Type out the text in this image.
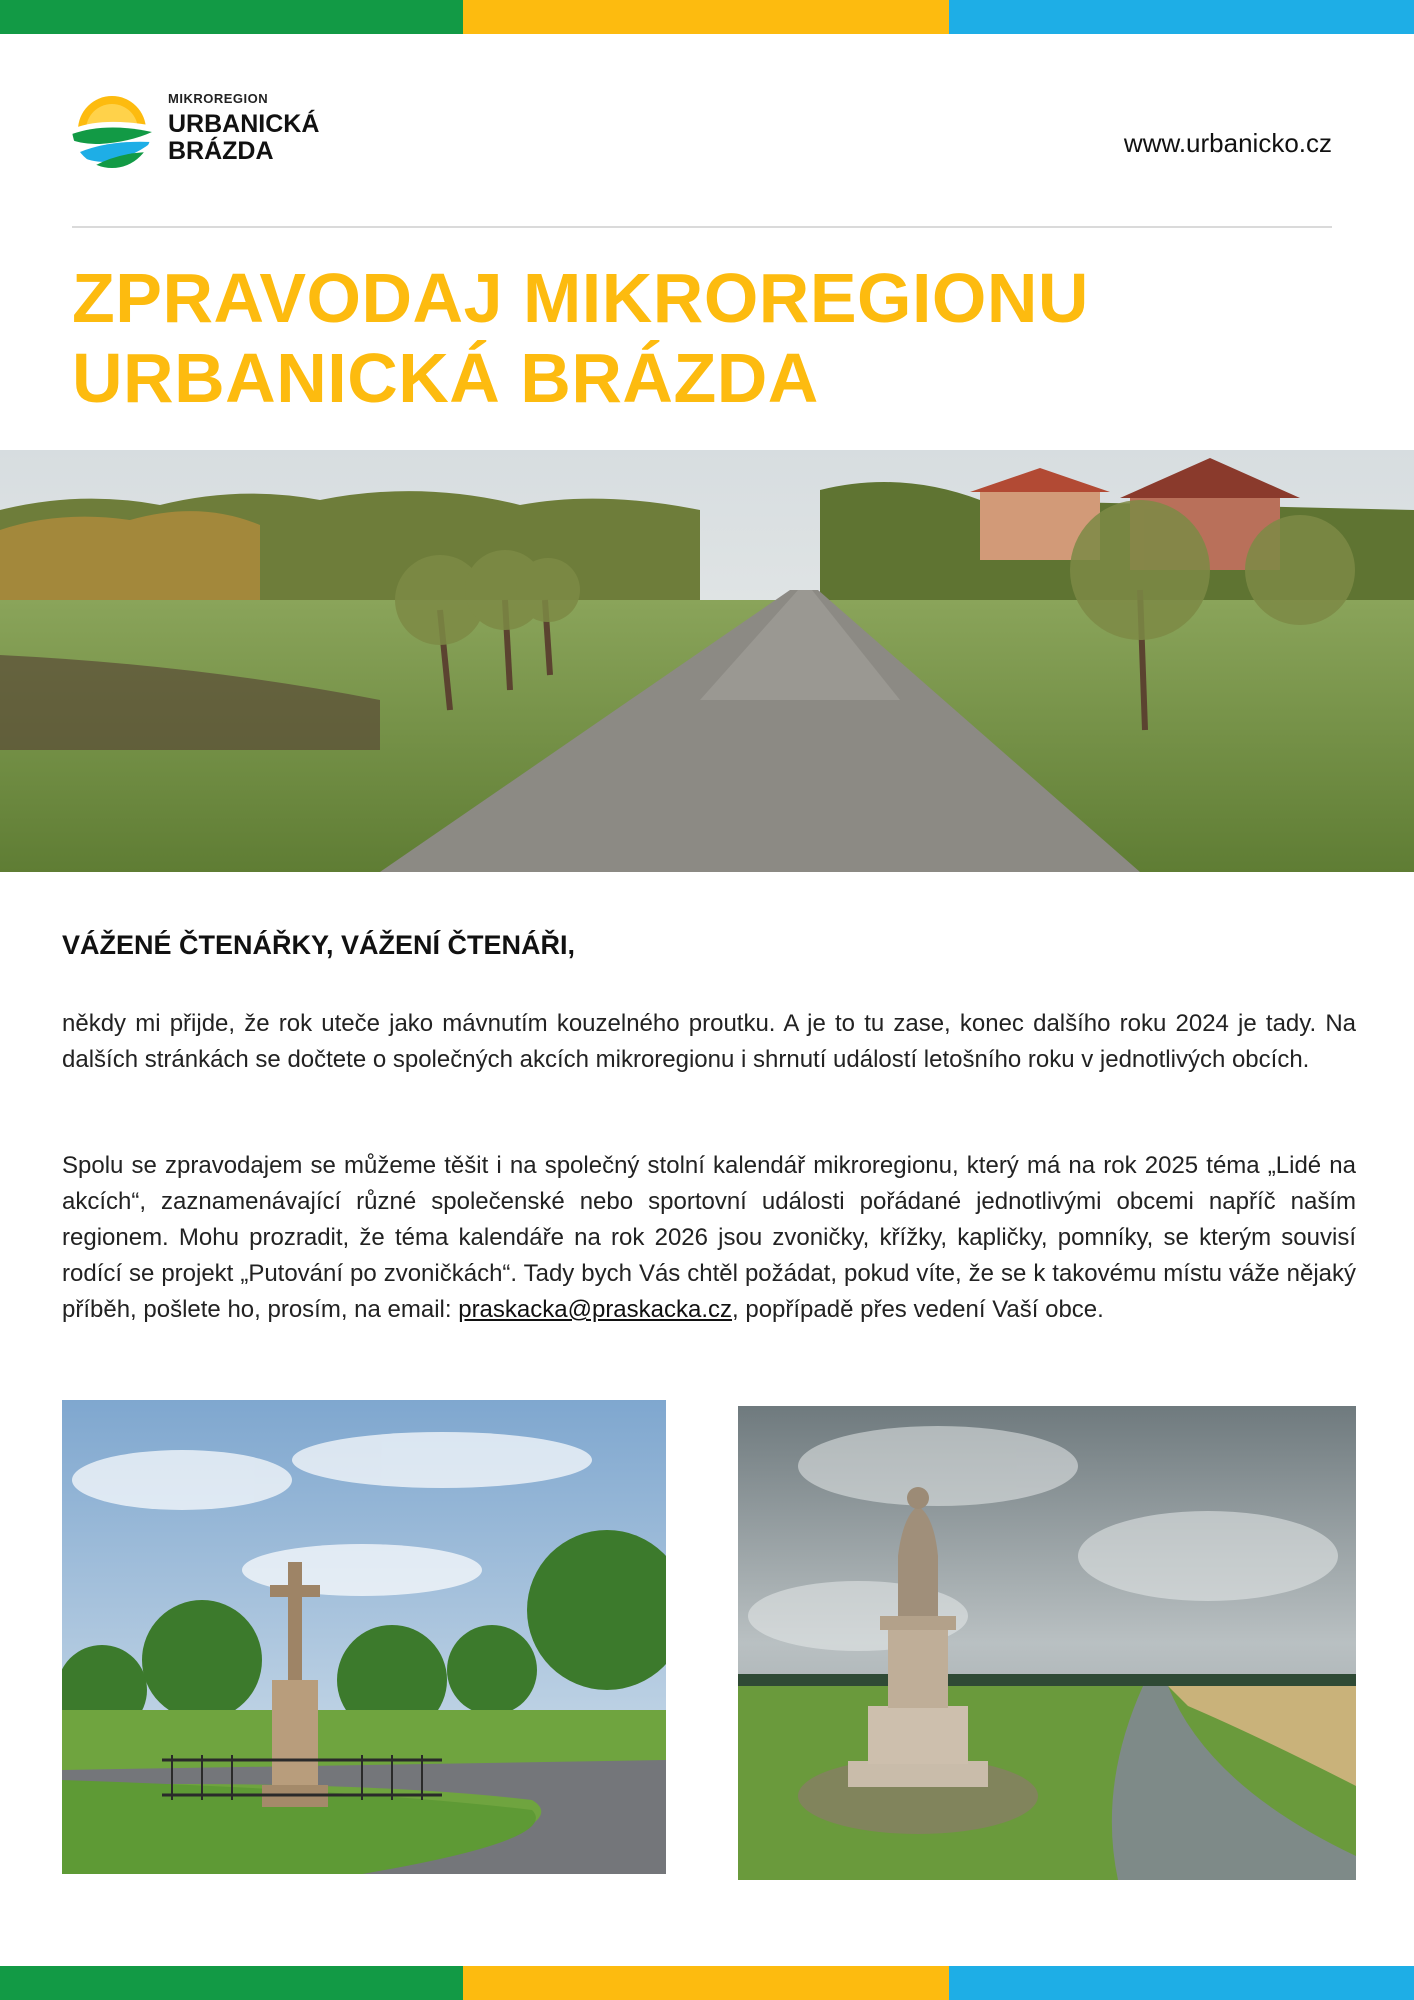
MIKROREGION
URBANICKÁ
BRÁZDA	www.urbanicko.cz
ZPRAVODAJ MIKROREGIONU
URBANICKÁ BRÁZDA
VÁŽENÉ ČTENÁŘKY, VÁŽENÍ ČTENÁŘI,

někdy mi přijde, že rok uteče jako mávnutím kouzelného proutku. A je to tu zase, konec dalšího roku 2024 je tady. Na dalších stránkách se dočtete o společných akcích mikroregionu i shrnutí událostí letošního roku v jednotlivých obcích.

Spolu se zpravodajem se můžeme těšit i na společný stolní kalendář mikroregionu, který má na rok 2025 téma „Lidé na akcích“, zaznamenávající různé společenské nebo sportovní události pořádané jednotlivými obcemi napříč naším regionem. Mohu prozradit, že téma kalendáře na rok 2026 jsou zvoničky, křížky, kapličky, pomníky, se kterým souvisí rodící se projekt „Putování po zvoničkách“. Tady bych Vás chtěl požádat, pokud víte, že se k takovému místu váže nějaký příběh, pošlete ho, prosím, na email: praskacka@praskacka.cz, popřípadě přes vedení Vaší obce.
